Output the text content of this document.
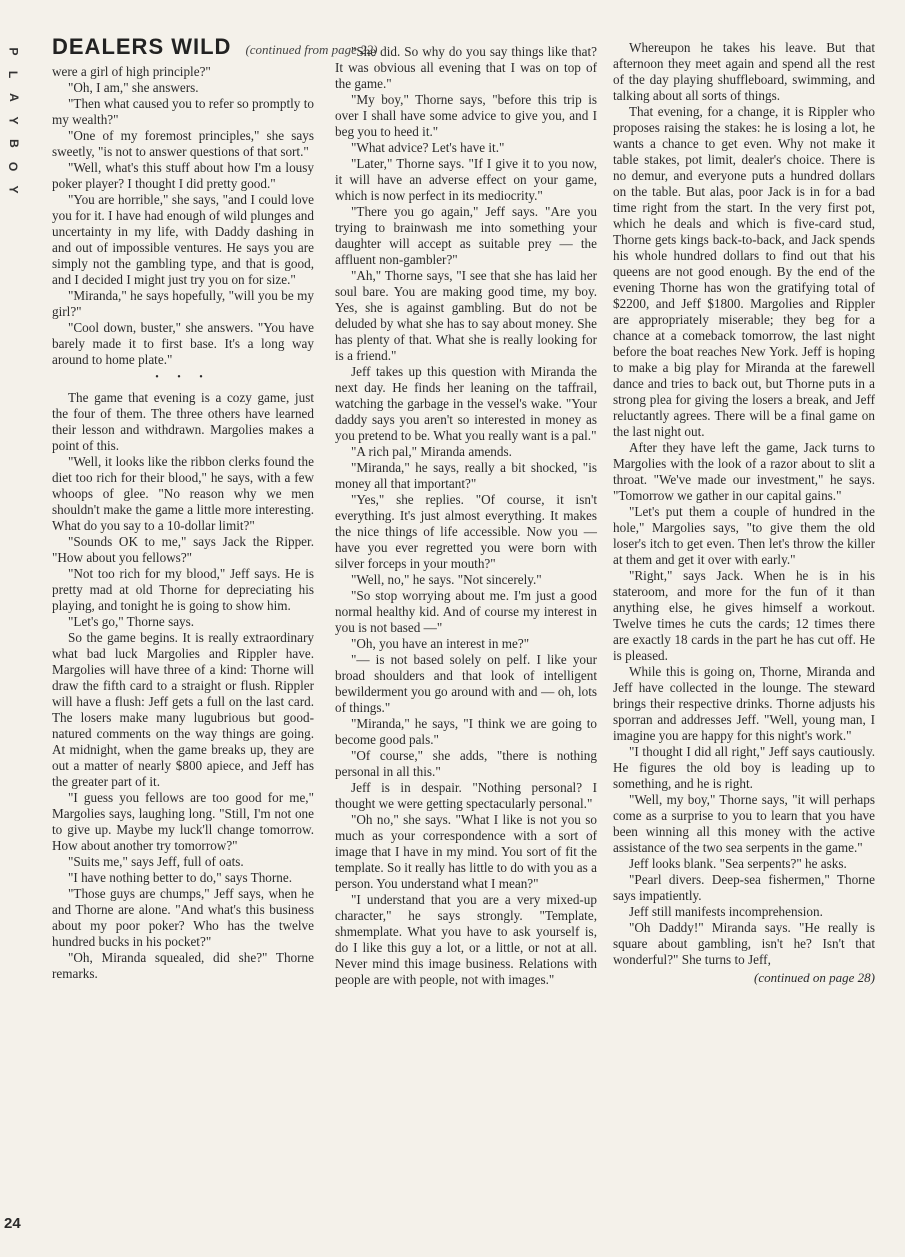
P
L
A
Y
B
O
Y
DEALERS WILD (continued from page 22)

were a girl of high principle?"

"Oh, I am," she answers.

"Then what caused you to refer so promptly to my wealth?"

"One of my foremost principles," she says sweetly, "is not to answer questions of that sort."

"Well, what's this stuff about how I'm a lousy poker player? I thought I did pretty good."

"You are horrible," she says, "and I could love you for it. I have had enough of wild plunges and uncertainty in my life, with Daddy dashing in and out of impossible ventures. He says you are simply not the gambling type, and that is good, and I decided I might just try you on for size."

"Miranda," he says hopefully, "will you be my girl?"

"Cool down, buster," she answers. "You have barely made it to first base. It's a long way around to home plate."

• • •

The game that evening is a cozy game, just the four of them. The three others have learned their lesson and withdrawn. Margolies makes a point of this.

"Well, it looks like the ribbon clerks found the diet too rich for their blood," he says, with a few whoops of glee. "No reason why we men shouldn't make the game a little more interesting. What do you say to a 10-dollar limit?"

"Sounds OK to me," says Jack the Ripper. "How about you fellows?"

"Not too rich for my blood," Jeff says. He is pretty mad at old Thorne for depreciating his playing, and tonight he is going to show him.

"Let's go," Thorne says.

So the game begins. It is really extraordinary what bad luck Margolies and Rippler have. Margolies will have three of a kind: Thorne will draw the fifth card to a straight or flush. Rippler will have a flush: Jeff gets a full on the last card. The losers make many lugubrious but good-natured comments on the way things are going. At midnight, when the game breaks up, they are out a matter of nearly $800 apiece, and Jeff has the greater part of it.

"I guess you fellows are too good for me," Margolies says, laughing long. "Still, I'm not one to give up. Maybe my luck'll change tomorrow. How about another try tomorrow?"

"Suits me," says Jeff, full of oats.

"I have nothing better to do," says Thorne.

"Those guys are chumps," Jeff says, when he and Thorne are alone. "And what's this business about my poor poker? Who has the twelve hundred bucks in his pocket?"

"Oh, Miranda squealed, did she?" Thorne remarks.

"She did. So why do you say things like that? It was obvious all evening that I was on top of the game."

"My boy," Thorne says, "before this trip is over I shall have some advice to give you, and I beg you to heed it."

"What advice? Let's have it."

"Later," Thorne says. "If I give it to you now, it will have an adverse effect on your game, which is now perfect in its mediocrity."

"There you go again," Jeff says. "Are you trying to brainwash me into something your daughter will accept as suitable prey — the affluent non-gambler?"

"Ah," Thorne says, "I see that she has laid her soul bare. You are making good time, my boy. Yes, she is against gambling. But do not be deluded by what she has to say about money. She has plenty of that. What she is really looking for is a friend."

Jeff takes up this question with Miranda the next day. He finds her leaning on the taffrail, watching the garbage in the vessel's wake. "Your daddy says you aren't so interested in money as you pretend to be. What you really want is a pal."

"A rich pal," Miranda amends.

"Miranda," he says, really a bit shocked, "is money all that important?"

"Yes," she replies. "Of course, it isn't everything. It's just almost everything. It makes the nice things of life accessible. Now you — have you ever regretted you were born with silver forceps in your mouth?"

"Well, no," he says. "Not sincerely."

"So stop worrying about me. I'm just a good normal healthy kid. And of course my interest in you is not based —"

"Oh, you have an interest in me?"

"— is not based solely on pelf. I like your broad shoulders and that look of intelligent bewilderment you go around with and — oh, lots of things."

"Miranda," he says, "I think we are going to become good pals."

"Of course," she adds, "there is nothing personal in all this."

Jeff is in despair. "Nothing personal? I thought we were getting spectacularly personal."

"Oh no," she says. "What I like is not you so much as your correspondence with a sort of image that I have in my mind. You sort of fit the template. So it really has little to do with you as a person. You understand what I mean?"

"I understand that you are a very mixed-up character," he says strongly. "Template, shmemplate. What you have to ask yourself is, do I like this guy a lot, or a little, or not at all. Never mind this image business. Relations with people are with people, not with images."

Whereupon he takes his leave. But that afternoon they meet again and spend all the rest of the day playing shuffleboard, swimming, and talking about all sorts of things.

That evening, for a change, it is Rippler who proposes raising the stakes: he is losing a lot, he wants a chance to get even. Why not make it table stakes, pot limit, dealer's choice. There is no demur, and everyone puts a hundred dollars on the table. But alas, poor Jack is in for a bad time right from the start. In the very first pot, which he deals and which is five-card stud, Thorne gets kings back-to-back, and Jack spends his whole hundred dollars to find out that his queens are not good enough. By the end of the evening Thorne has won the gratifying total of $2200, and Jeff $1800. Margolies and Rippler are appropriately miserable; they beg for a chance at a comeback tomorrow, the last night before the boat reaches New York. Jeff is hoping to make a big play for Miranda at the farewell dance and tries to back out, but Thorne puts in a strong plea for giving the losers a break, and Jeff reluctantly agrees. There will be a final game on the last night out.

After they have left the game, Jack turns to Margolies with the look of a razor about to slit a throat. "We've made our investment," he says. "Tomorrow we gather in our capital gains."

"Let's put them a couple of hundred in the hole," Margolies says, "to give them the old loser's itch to get even. Then let's throw the killer at them and get it over with early."

"Right," says Jack. When he is in his stateroom, and more for the fun of it than anything else, he gives himself a workout. Twelve times he cuts the cards; 12 times there are exactly 18 cards in the part he has cut off. He is pleased.

While this is going on, Thorne, Miranda and Jeff have collected in the lounge. The steward brings their respective drinks. Thorne adjusts his sporran and addresses Jeff. "Well, young man, I imagine you are happy for this night's work."

"I thought I did all right," Jeff says cautiously. He figures the old boy is leading up to something, and he is right.

"Well, my boy," Thorne says, "it will perhaps come as a surprise to you to learn that you have been winning all this money with the active assistance of the two sea serpents in the game."

Jeff looks blank. "Sea serpents?" he asks.

"Pearl divers. Deep-sea fishermen," Thorne says impatiently.

Jeff still manifests incomprehension.

"Oh Daddy!" Miranda says. "He really is square about gambling, isn't he? Isn't that wonderful?" She turns to Jeff,

(continued on page 28)
24
